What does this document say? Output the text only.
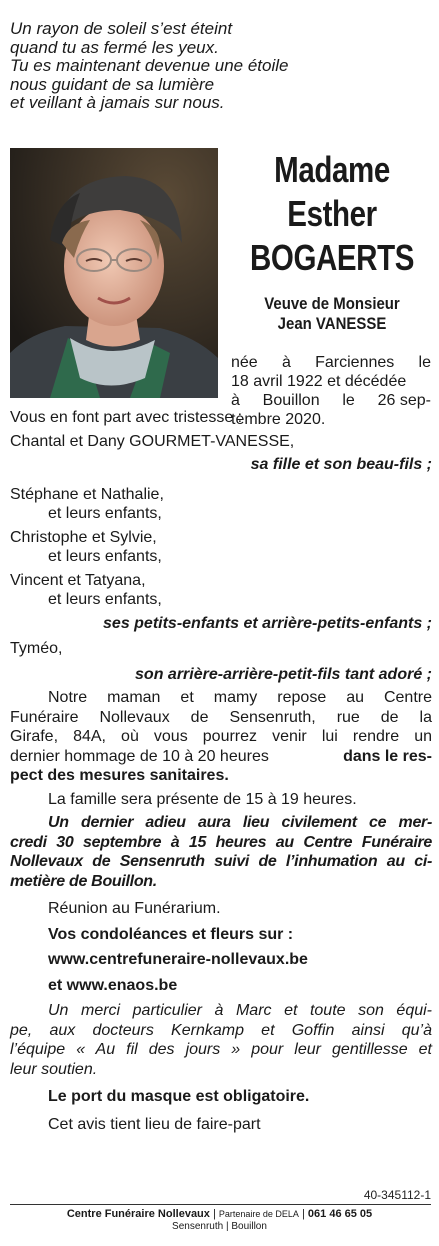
Un rayon de soleil s’est éteint
quand tu as fermé les yeux.
Tu es maintenant devenue une étoile
nous guidant de sa lumière
et veillant à jamais sur nous.
Madame
Esther
BOGAERTS
Veuve de Monsieur
Jean VANESSE
née à Farciennes le
18 avril 1922 et décédée
à Bouillon le 26 sep-
tembre 2020.
Vous en font part avec tristesse :
Chantal et Dany GOURMET-VANESSE,
sa fille et son beau-fils ;
Stéphane et Nathalie,
et leurs enfants,
Christophe et Sylvie,
et leurs enfants,
Vincent et Tatyana,
et leurs enfants,
ses petits-enfants et arrière-petits-enfants ;
Tyméo,
son arrière-arrière-petit-fils tant adoré ;
Notre maman et mamy repose au Centre
Funéraire Nollevaux de Sensenruth, rue de la
Girafe, 84A, où vous pourrez venir lui rendre un
dernier hommage de 10 à 20 heures	dans le res-
pect des mesures sanitaires.
La famille sera présente de 15 à 19 heures.
Un dernier adieu aura lieu civilement ce mer-
credi 30 septembre à 15 heures au Centre Funéraire
Nollevaux de Sensenruth suivi de l’inhumation au ci-
metière de Bouillon.
Réunion au Funérarium.
Vos condoléances et fleurs sur :
www.centrefuneraire-nollevaux.be
et www.enaos.be
Un merci particulier à Marc et toute son équi-
pe, aux docteurs Kernkamp et Goffin ainsi qu’à
l’équipe « Au fil des jours » pour leur gentillesse et
leur soutien.
Le port du masque est obligatoire.
Cet avis tient lieu de faire-part
40-345112-1
Centre Funéraire Nollevaux | Partenaire de DELA | 061 46 65 05
Sensenruth | Bouillon
